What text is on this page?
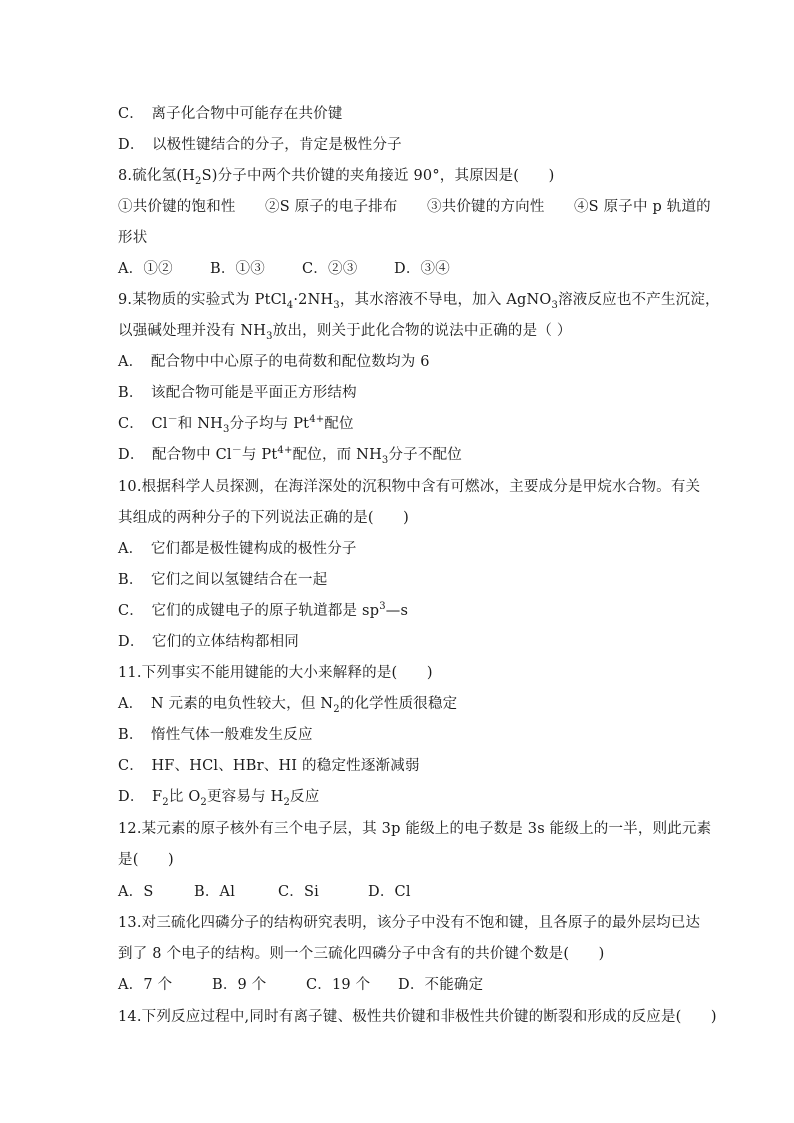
C．　离子化合物中可能存在共价键
D．　以极性键结合的分子，肯定是极性分子
8.硫化氢$(H_2S)$分子中两个共价键的夹角接近 90°，其原因是(　　)
①共价键的饱和性　　②S 原子的电子排布　　③共价键的方向性　　④S 原子中 p 轨道的
形状
A．①②	B．①③	C．②③	D．③④
9.某物质的实验式为 $PtCl_4\cdot 2NH_3$，其水溶液不导电，加入 AgNO$_3$溶液反应也不产生沉淀，
以强碱处理并没有 $NH_3$放出，则关于此化合物的说法中正确的是（ ）
A．　配合物中中心原子的电荷数和配位数均为 6
B．　该配合物可能是平面正方形结构
C．　Cl－和 $NH_3$分子均与 $Pt^{4+}$配位
D．　配合物中 Cl－与 $Pt^{4+}$配位，而 $NH_3$分子不配位
10.根据科学人员探测，在海洋深处的沉积物中含有可燃冰，主要成分是甲烷水合物。有关
其组成的两种分子的下列说法正确的是(　　)
A．　它们都是极性键构成的极性分子
B．　它们之间以氢键结合在一起
C．　它们的成键电子的原子轨道都是 $sp^3—s$
D．　它们的立体结构都相同
11.下列事实不能用键能的大小来解释的是(　　)
A．　N 元素的电负性较大，但 $N_2$的化学性质很稳定
B．　惰性气体一般难发生反应
C．　HF、HCl、HBr、HI 的稳定性逐渐减弱
D．　$F_2$比 $O_2$更容易与 $H_2$反应
12.某元素的原子核外有三个电子层，其 3p 能级上的电子数是 3s 能级上的一半，则此元素
是(　　)
A．S	B．Al	C．Si	D．Cl
13.对三硫化四磷分子的结构研究表明，该分子中没有不饱和键，且各原子的最外层均已达
到了 8 个电子的结构。则一个三硫化四磷分子中含有的共价键个数是(　　)
A．7 个	B．9 个	C．19 个 D．不能确定
14.下列反应过程中,同时有离子键、极性共价键和非极性共价键的断裂和形成的反应是(　　)
